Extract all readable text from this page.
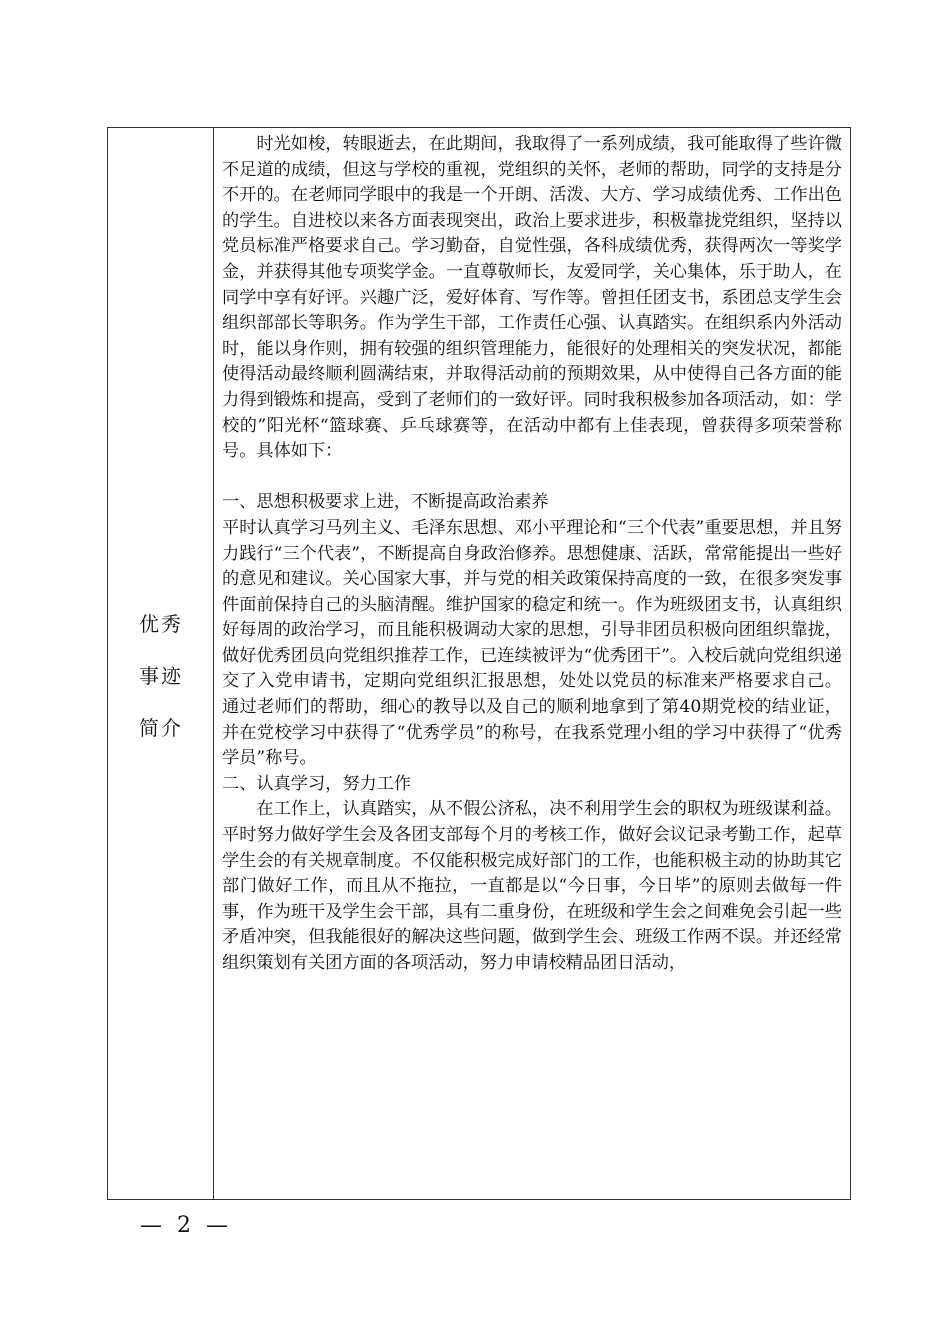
优秀
事迹
简介

时光如梭，转眼逝去，在此期间，我取得了一系列成绩，我可能取得了些许微不足道的成绩，但这与学校的重视，党组织的关怀，老师的帮助，同学的支持是分不开的。在老师同学眼中的我是一个开朗、活泼、大方、学习成绩优秀、工作出色的学生。自进校以来各方面表现突出，政治上要求进步，积极靠拢党组织，坚持以党员标准严格要求自己。学习勤奋，自觉性强，各科成绩优秀，获得两次一等奖学金，并获得其他专项奖学金。一直尊敬师长，友爱同学，关心集体，乐于助人，在同学中享有好评。兴趣广泛，爱好体育、写作等。曾担任团支书，系团总支学生会组织部部长等职务。作为学生干部，工作责任心强、认真踏实。在组织系内外活动时，能以身作则，拥有较强的组织管理能力，能很好的处理相关的突发状况，都能使得活动最终顺利圆满结束，并取得活动前的预期效果，从中使得自己各方面的能力得到锻炼和提高，受到了老师们的一致好评。同时我积极参加各项活动，如：学校的”阳光杯“篮球赛、乒乓球赛等，在活动中都有上佳表现，曾获得多项荣誉称号。具体如下：

一、思想积极要求上进，不断提高政治素养

平时认真学习马列主义、毛泽东思想、邓小平理论和“三个代表”重要思想，并且努力践行“三个代表”，不断提高自身政治修养。思想健康、活跃，常常能提出一些好的意见和建议。关心国家大事，并与党的相关政策保持高度的一致，在很多突发事件面前保持自己的头脑清醒。维护国家的稳定和统一。作为班级团支书，认真组织好每周的政治学习，而且能积极调动大家的思想，引导非团员积极向团组织靠拢，做好优秀团员向党组织推荐工作，已连续被评为“优秀团干”。入校后就向党组织递交了入党申请书，定期向党组织汇报思想，处处以党员的标准来严格要求自己。 通过老师们的帮助，细心的教导以及自己的顺利地拿到了第40期党校的结业证，并在党校学习中获得了“优秀学员”的称号，在我系党理小组的学习中获得了“优秀学员”称号。

二、认真学习，努力工作

在工作上，认真踏实，从不假公济私，决不利用学生会的职权为班级谋利益。平时努力做好学生会及各团支部每个月的考核工作，做好会议记录考勤工作，起草学生会的有关规章制度。不仅能积极完成好部门的工作，也能积极主动的协助其它部门做好工作，而且从不拖拉，一直都是以“今日事，今日毕”的原则去做每一件事，作为班干及学生会干部，具有二重身份，在班级和学生会之间难免会引起一些矛盾冲突，但我能很好的解决这些问题，做到学生会、班级工作两不误。并还经常组织策划有关团方面的各项活动，努力申请校精品团日活动，

— 2 —
